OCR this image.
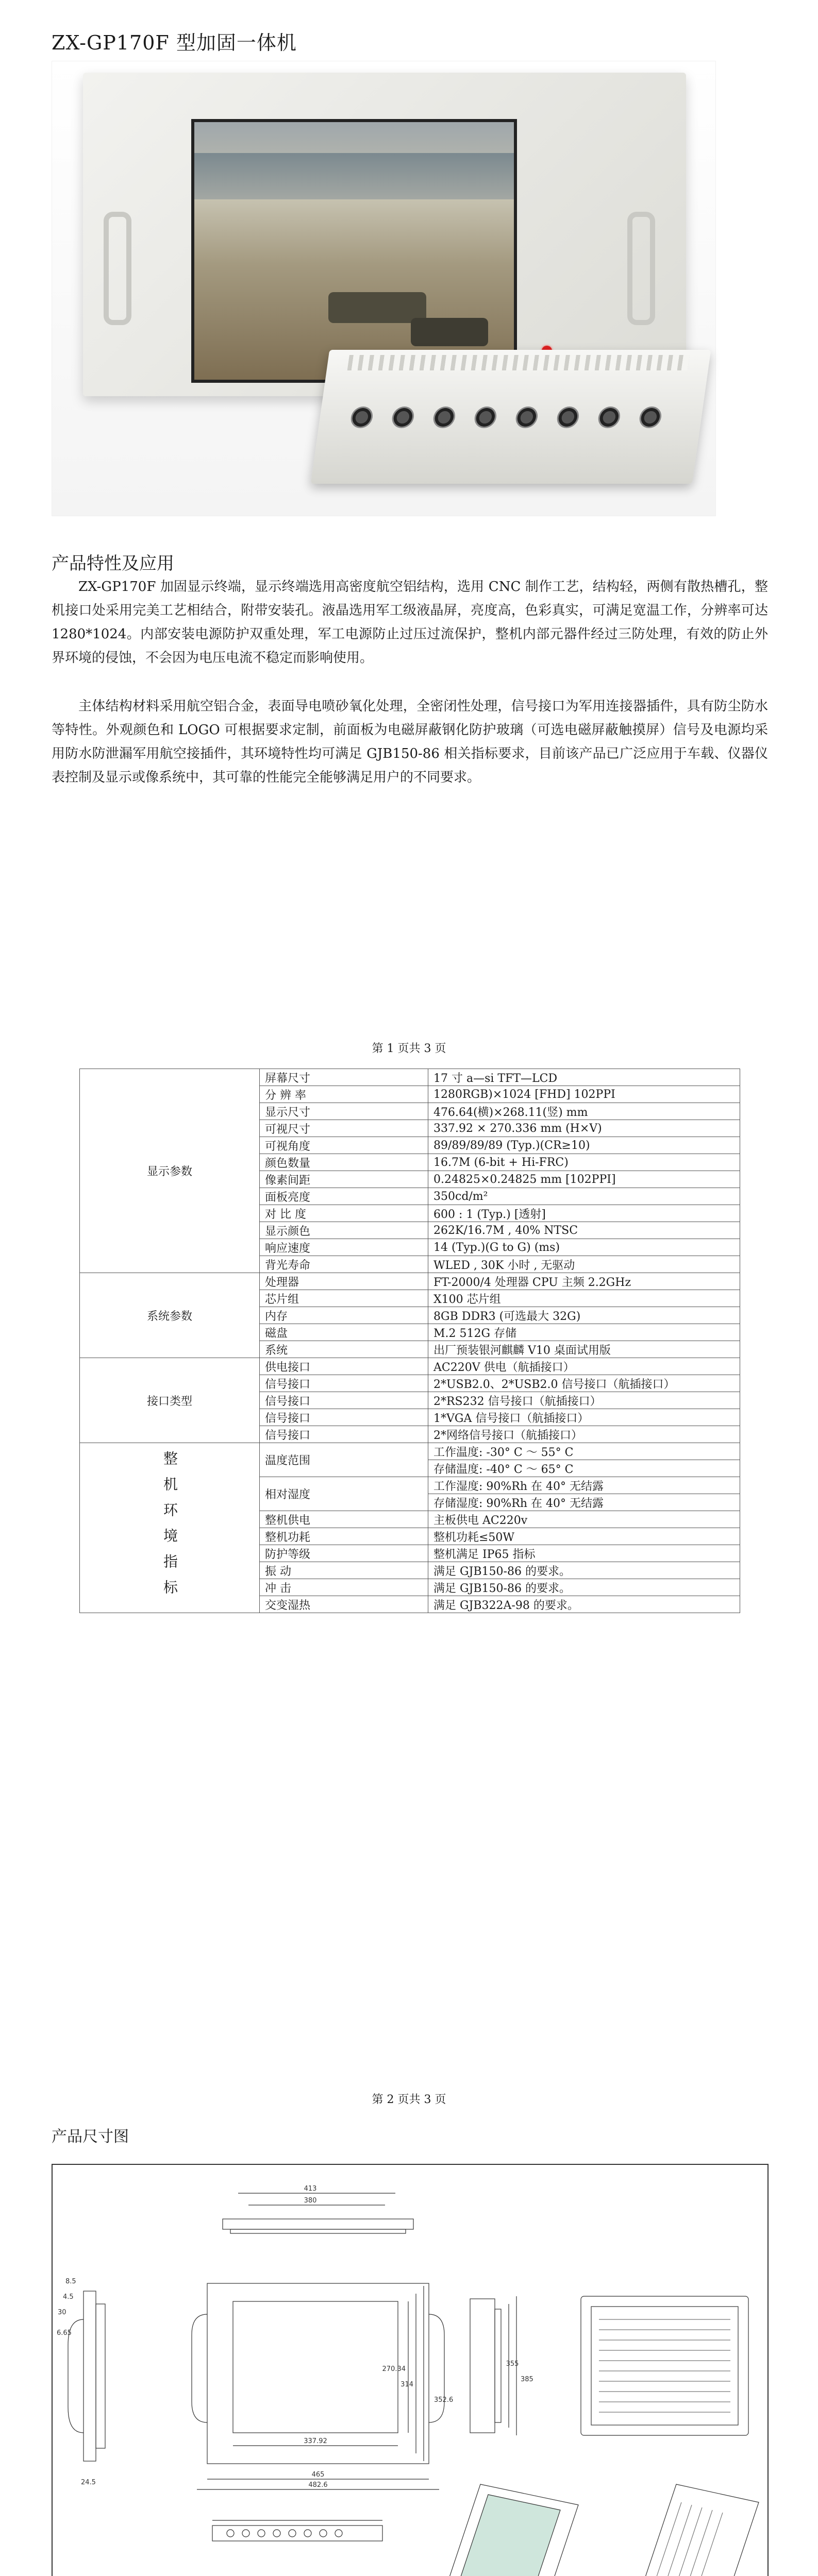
ZX-GP170F 型加固一体机
产品特性及应用
ZX-GP170F 加固显示终端，显示终端选用高密度航空铝结构，选用 CNC 制作工艺，结构轻，两侧有散热槽孔，整机接口处采用完美工艺相结合，附带安装孔。液晶选用军工级液晶屏，亮度高，色彩真实，可满足宽温工作，分辨率可达 1280*1024。内部安装电源防护双重处理，军工电源防止过压过流保护，整机内部元器件经过三防处理，有效的防止外界环境的侵蚀，不会因为电压电流不稳定而影响使用。
主体结构材料采用航空铝合金，表面导电喷砂氧化处理，全密闭性处理，信号接口为军用连接器插件，具有防尘防水等特性。外观颜色和 LOGO 可根据要求定制，前面板为电磁屏蔽钢化防护玻璃（可选电磁屏蔽触摸屏）信号及电源均采用防水防泄漏军用航空接插件，其环境特性均可满足 GJB150-86 相关指标要求，目前该产品已广泛应用于车载、仪器仪表控制及显示或像系统中，其可靠的性能完全能够满足用户的不同要求。
第 1 页共 3 页
显示参数	屏幕尺寸	17 寸 a—si TFT—LCD
	分 辨 率	1280RGB)×1024 [FHD] 102PPI
	显示尺寸	476.64(横)×268.11(竖) mm
	可视尺寸	337.92 × 270.336 mm (H×V)
	可视角度	89/89/89/89 (Typ.)(CR≥10)
	颜色数量	16.7M (6-bit + Hi-FRC)
	像素间距	0.24825×0.24825 mm [102PPI]
	面板亮度	350cd/m²
	对 比 度	600 : 1 (Typ.) [透射]
	显示颜色	262K/16.7M , 40% NTSC
	响应速度	14 (Typ.)(G to G) (ms)
	背光寿命	WLED , 30K 小时 , 无驱动
系统参数	处理器	FT-2000/4 处理器 CPU 主频 2.2GHz
	芯片组	X100 芯片组
	内存	8GB DDR3 (可选最大 32G)
	磁盘	M.2 512G 存储
	系统	出厂预装银河麒麟 V10 桌面试用版
接口类型	供电接口	AC220V 供电（航插接口）
	信号接口	2*USB2.0、2*USB2.0 信号接口（航插接口）
	信号接口	2*RS232 信号接口（航插接口）
	信号接口	1*VGA 信号接口（航插接口）
	信号接口	2*网络信号接口（航插接口）

整机环境指标	温度范围	工作温度: -30° C ～ 55° C
		存储温度: -40° C ～ 65° C
	相对湿度	工作湿度: 90%Rh 在 40° 无结露
		存储湿度: 90%Rh 在 40° 无结露
	整机供电	主板供电 AC220v
	整机功耗	整机功耗≤50W
	防护等级	整机满足 IP65 指标
	振 动	满足 GJB150-86 的要求。
	冲 击	满足 GJB150-86 的要求。
	交变湿热	满足 GJB322A-98 的要求。
第 2 页共 3 页
产品尺寸图
413
380
8.5
4.5
30
6.65
24.5
337.92
270.34
314
352.6
465
482.6
355
385
